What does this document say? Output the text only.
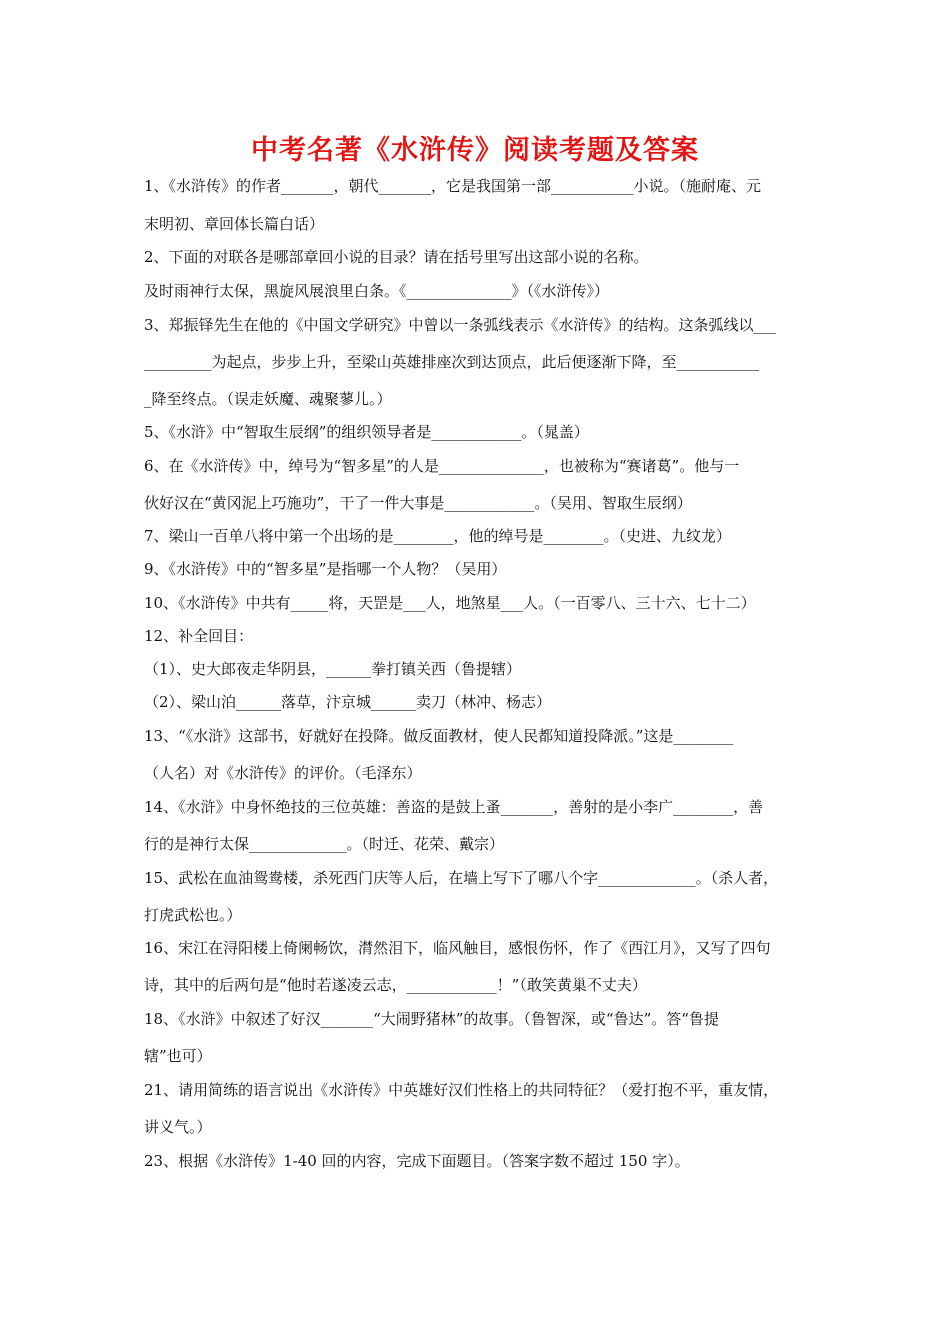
中考名著《水浒传》阅读考题及答案
1、《水浒传》的作者_______，朝代_______，它是我国第一部___________小说。（施耐庵、元
末明初、章回体长篇白话）
2、下面的对联各是哪部章回小说的目录？请在括号里写出这部小说的名称。
及时雨神行太保，黑旋风展浪里白条。《______________》（《水浒传》）
3、郑振铎先生在他的《中国文学研究》中曾以一条弧线表示《水浒传》的结构。这条弧线以___
_________为起点，步步上升，至梁山英雄排座次到达顶点，此后便逐渐下降，至___________
_降至终点。（误走妖魔、魂聚蓼儿。）
5、《水浒》中“智取生辰纲”的组织领导者是____________。（晁盖）
6、在《水浒传》中，绰号为“智多星”的人是______________，也被称为“赛诸葛”。他与一
伙好汉在“黄冈泥上巧施功”，干了一件大事是____________。（吴用、智取生辰纲）
7、梁山一百单八将中第一个出场的是________，他的绰号是________。（史进、九纹龙）
9、《水浒传》中的“智多星”是指哪一个人物？（吴用）
10、《水浒传》中共有_____将，天罡是___人，地煞星___人。（一百零八、三十六、七十二）
12、补全回目：
（1）、史大郎夜走华阴县，______拳打镇关西（鲁提辖）
（2）、梁山泊______落草，汴京城______卖刀（林冲、杨志）
13、“《水浒》这部书，好就好在投降。做反面教材，使人民都知道投降派。”这是________
（人名）对《水浒传》的评价。（毛泽东）
14、《水浒》中身怀绝技的三位英雄：善盗的是鼓上蚤_______，善射的是小李广________，善
行的是神行太保_____________。（时迁、花荣、戴宗）
15、武松在血油鸳鸯楼，杀死西门庆等人后，在墙上写下了哪八个字_____________。（杀人者，
打虎武松也。）
16、宋江在浔阳楼上倚阑畅饮，潸然泪下，临风触目，感恨伤怀，作了《西江月》，又写了四句
诗，其中的后两句是“他时若遂凌云志，____________！”（敢笑黄巢不丈夫）
18、《水浒》中叙述了好汉_______“大闹野猪林”的故事。（鲁智深，或“鲁达”。答“鲁提
辖”也可）
21、请用简练的语言说出《水浒传》中英雄好汉们性格上的共同特征？（爱打抱不平，重友情，
讲义气。）
23、根据《水浒传》1-40 回的内容，完成下面题目。（答案字数不超过 150 字）。
